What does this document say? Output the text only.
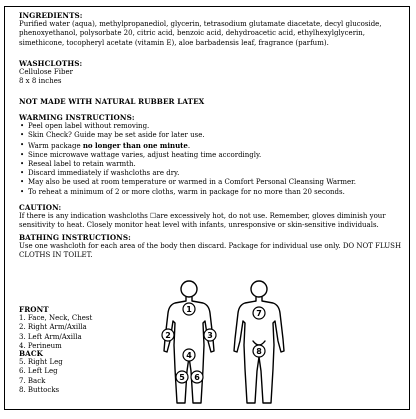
INGREDIENTS:

Purified water (aqua), methylpropanediol, glycerin, tetrasodium glutamate diacetate, decyl glucoside, phenoxyethanol, polysorbate 20, citric acid, benzoic acid, dehydroacetic acid, ethylhexylglycerin, simethicone, tocopheryl acetate (vitamin E), aloe barbadensis leaf, fragrance (parfum).

WASHCLOTHS:
Cellulose Fiber
8 x 8 inches
NOT MADE WITH NATURAL RUBBER LATEX
WARMING INSTRUCTIONS:
• Peel open label without removing.
• Skin Check? Guide may be set aside for later use.
• Warm package no longer than one minute.
• Since microwave wattage varies, adjust heating time accordingly.
• Reseal label to retain warmth.
• Discard immediately if washcloths are dry.
• May also be used at room temperature or warmed in a Comfort Personal Cleansing Warmer.
• To reheat a minimum of 2 or more cloths, warm in package for no more than 20 seconds.
CAUTION:

If there is any indication washcloths ☐are excessively hot, do not use. Remember, gloves diminish your sensitivity to heat. Closely monitor heat level with infants, unresponsive or skin-sensitive individuals.

BATHING INSTRUCTIONS:

Use one washcloth for each area of the body then discard. Package for individual use only. DO NOT FLUSH CLOTHS IN TOILET.

FRONT
1. Face, Neck, Chest
2. Right Arm/Axilla
3. Left Arm/Axilla
4. Perineum
BACK
5. Right Leg
6. Left Leg
7. Back
8. Buttocks
1
2	3
4
5 6
7
8
